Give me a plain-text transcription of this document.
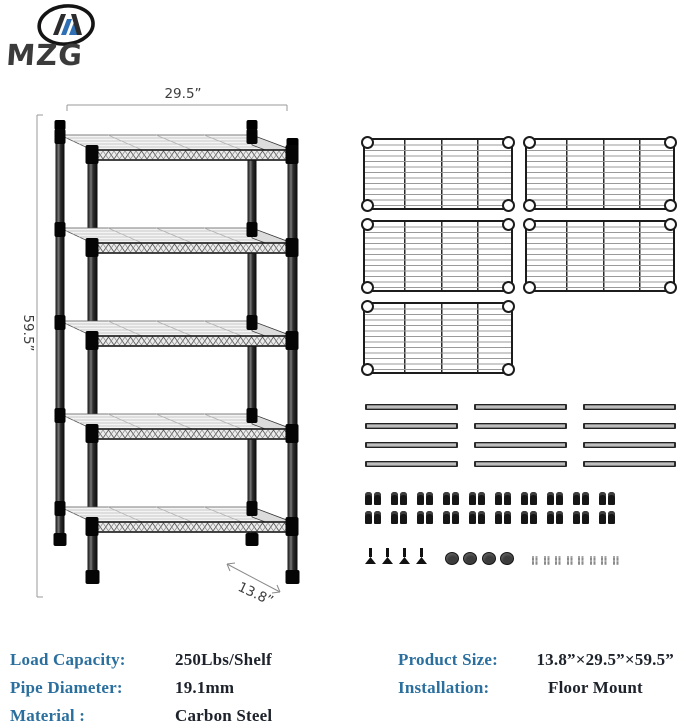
MZG
29.5”
59.5”
13.8”
Load Capacity:	250Lbs/Shelf
Pipe Diameter:	19.1mm
Material :	Carbon Steel
Product Size:	13.8”×29.5”×59.5”
Installation:	Floor Mount
